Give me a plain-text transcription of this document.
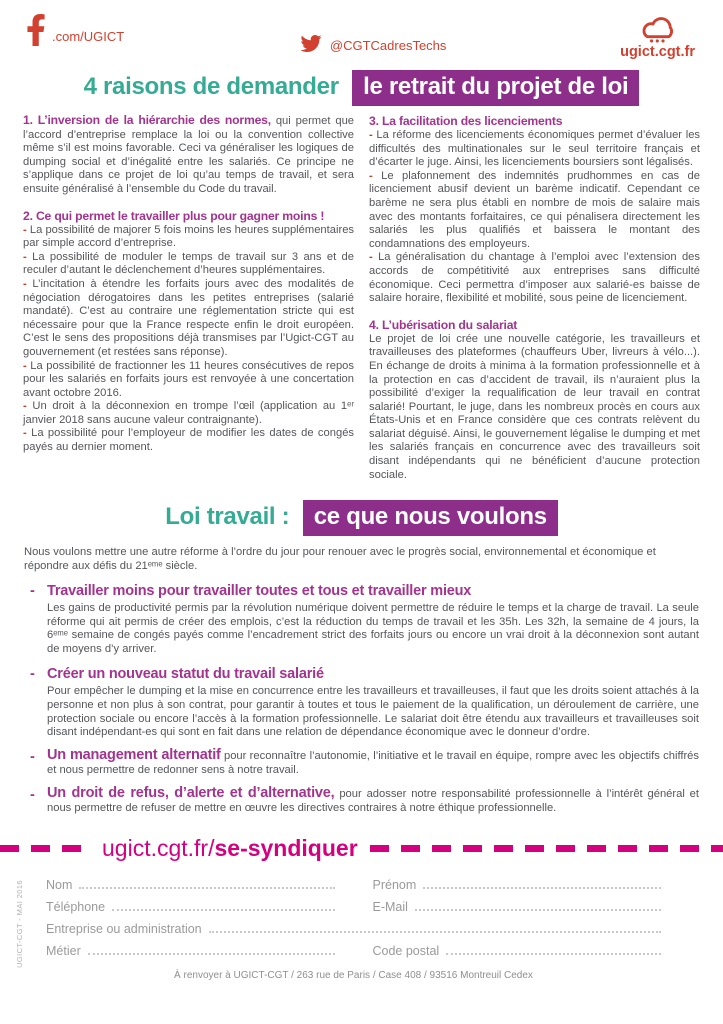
.com/UGICT
@CGTCadresTechs	ugict.cgt.fr
4 raisons de demander le retrait du projet de loi

1. L’inversion de la hiérarchie des normes, qui permet que l’accord d’entreprise remplace la loi ou la convention collective même s’il est moins favorable. Ceci va généraliser les logiques de dumping social et d’inégalité entre les salariés. Ce principe ne s’applique dans ce projet de loi qu’au temps de travail, et sera ensuite généralisé à l’ensemble du Code du travail.

2. Ce qui permet le travailler plus pour gagner moins !

- La possibilité de majorer 5 fois moins les heures supplémentaires par simple accord d’entreprise.

- La possibilité de moduler le temps de travail sur 3 ans et de reculer d’autant le déclenchement d’heures supplémentaires.

- L’incitation à étendre les forfaits jours avec des modalités de négociation dérogatoires dans les petites entreprises (salarié mandaté). C’est au contraire une réglementation stricte qui est nécessaire pour que la France respecte enfin le droit européen. C’est le sens des propositions déjà transmises par l’Ugict-CGT au gouvernement (et restées sans réponse).

- La possibilité de fractionner les 11 heures consécutives de repos pour les salariés en forfaits jours est renvoyée à une concertation avant octobre 2016.

- Un droit à la déconnexion en trompe l’œil (application au 1ᵉʳ janvier 2018 sans aucune valeur contraignante).

- La possibilité pour l’employeur de modifier les dates de congés payés au dernier moment.

3. La facilitation des licenciements

- La réforme des licenciements économiques permet d’évaluer les difficultés des multinationales sur le seul territoire français et d’écarter le juge. Ainsi, les licenciements boursiers sont légalisés.

- Le plafonnement des indemnités prudhommes en cas de licenciement abusif devient un barème indicatif. Cependant ce barème ne sera plus établi en nombre de mois de salaire mais avec des montants forfaitaires, ce qui pénalisera directement les salariés les plus qualifiés et baissera le montant des condamnations des employeurs.

- La généralisation du chantage à l’emploi avec l’extension des accords de compétitivité aux entreprises sans difficulté économique. Ceci permettra d’imposer aux salarié-es baisse de salaire horaire, flexibilité et mobilité, sous peine de licenciement.

4. L’ubérisation du salariat

Le projet de loi crée une nouvelle catégorie, les travailleurs et travailleuses des plateformes (chauffeurs Uber, livreurs à vélo...). En échange de droits à minima à la formation professionnelle et à la protection en cas d’accident de travail, ils n’auraient plus la possibilité d’exiger la requalification de leur travail en contrat salarié! Pourtant, le juge, dans les nombreux procès en cours aux États-Unis et en France considère que ces contrats relèvent du salariat déguisé. Ainsi, le gouvernement légalise le dumping et met les salariés français en concurrence avec des travailleurs soit disant indépendants qui ne bénéficient d’aucune protection sociale.

Loi travail : ce que nous voulons

Nous voulons mettre une autre réforme à l’ordre du jour pour renouer avec le progrès social, environnemental et économique et répondre aux défis du 21ᵉᵐᵉ siècle.

- Travailler moins pour travailler toutes et tous et travailler mieux

Les gains de productivité permis par la révolution numérique doivent permettre de réduire le temps et la charge de travail. La seule réforme qui ait permis de créer des emplois, c’est la réduction du temps de travail et les 35h. Les 32h, la semaine de 4 jours, la 6ᵉᵐᵉ semaine de congés payés comme l’encadrement strict des forfaits jours ou encore un vrai droit à la déconnexion sont autant de moyens d’y arriver.

- Créer un nouveau statut du travail salarié

Pour empêcher le dumping et la mise en concurrence entre les travailleurs et travailleuses, il faut que les droits soient attachés à la personne et non plus à son contrat, pour garantir à toutes et tous le paiement de la qualification, un déroulement de carrière, une protection sociale ou encore l’accès à la formation professionnelle. Le salariat doit être étendu aux travailleurs et travailleuses soit disant indépendant-es qui sont en fait dans une relation de dépendance économique avec le donneur d’ordre.

- Un management alternatif pour reconnaître l’autonomie, l’initiative et le travail en équipe, rompre avec les objectifs chiffrés et nous permettre de redonner sens à notre travail.

- Un droit de refus, d’alerte et d’alternative, pour adosser notre responsabilité professionnelle à l’intérêt général et nous permettre de refuser de mettre en œuvre les directives contraires à notre éthique professionnelle.

ugict.cgt.fr/se-syndiquer
UGICT-CGT - MAI 2016 Nom	Prénom
Téléphone	E-Mail
Entreprise ou administration
Métier	Code postal

À renvoyer à UGICT-CGT / 263 rue de Paris / Case 408 / 93516 Montreuil Cedex
